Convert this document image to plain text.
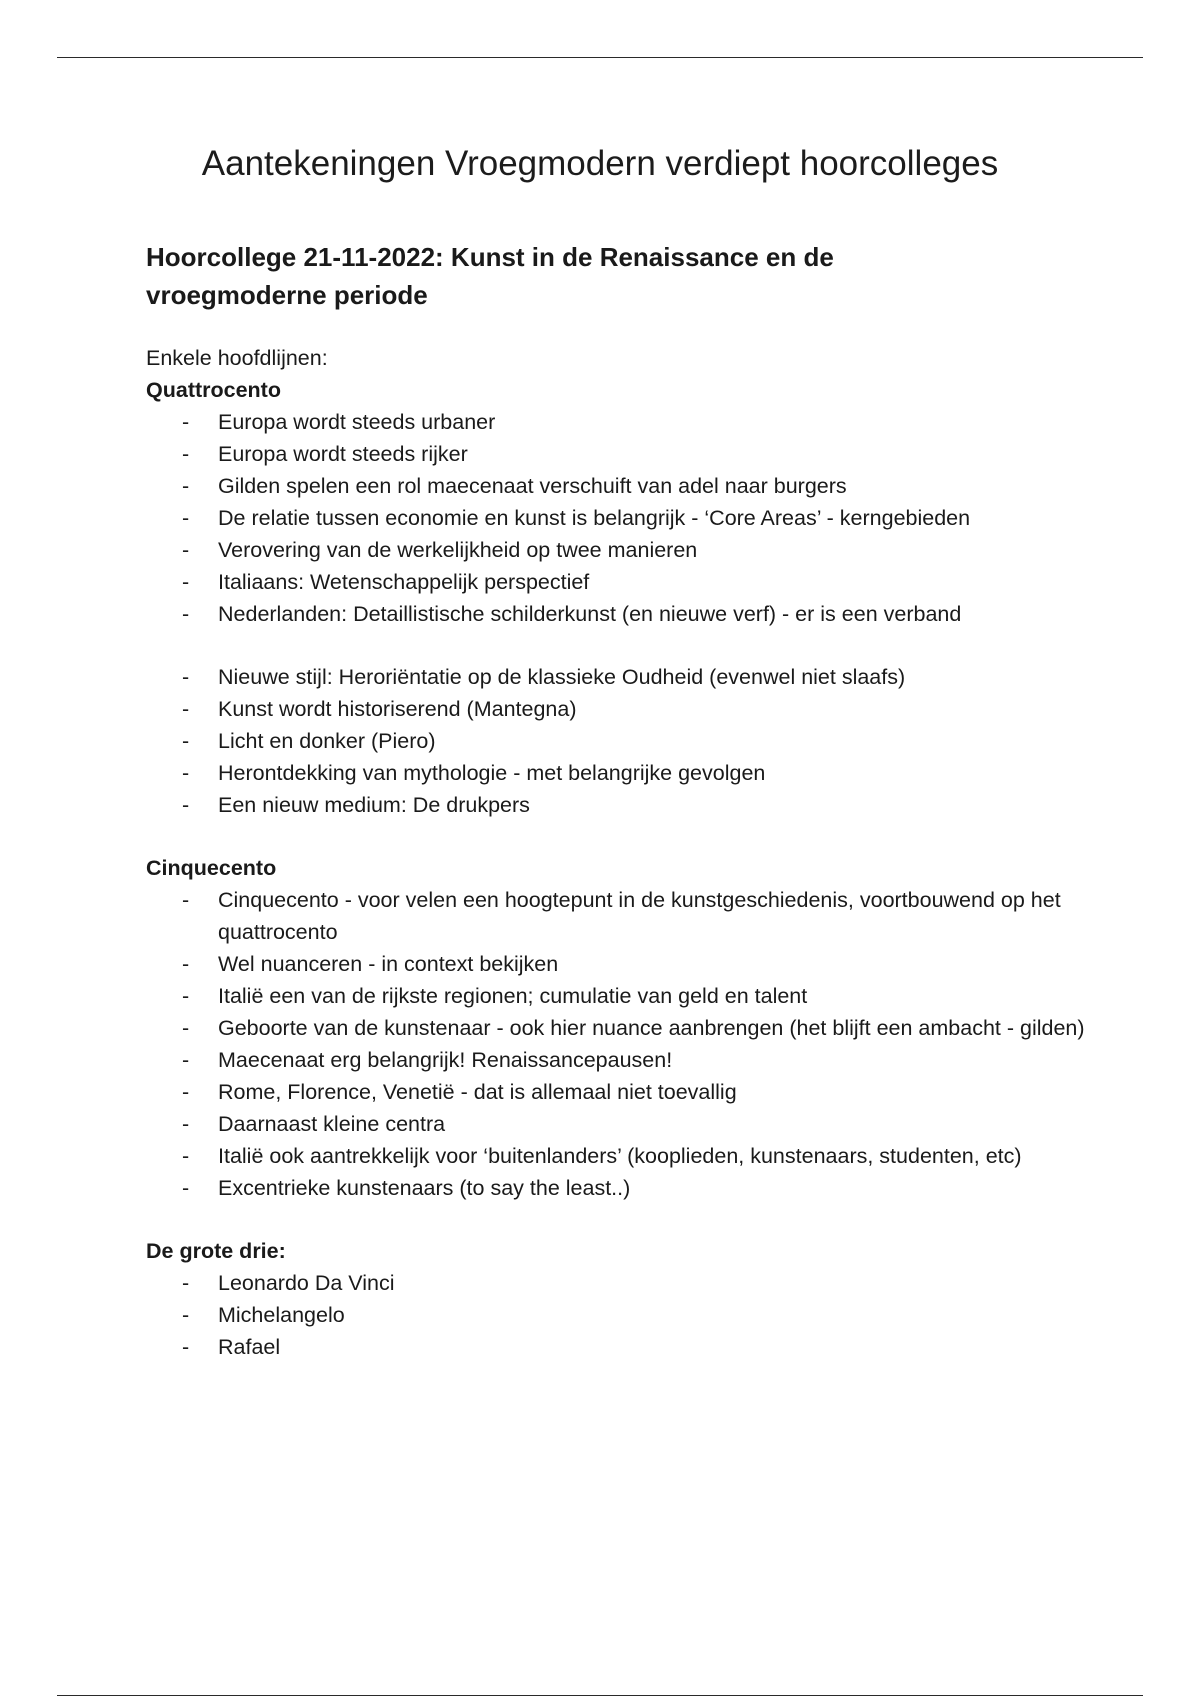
Aantekeningen Vroegmodern verdiept hoorcolleges
Hoorcollege 21-11-2022: Kunst in de Renaissance en de vroegmoderne periode

Enkele hoofdlijnen:

Quattrocento

- Europa wordt steeds urbaner
- Europa wordt steeds rijker
- Gilden spelen een rol maecenaat verschuift van adel naar burgers
- De relatie tussen economie en kunst is belangrijk - ‘Core Areas’ - kerngebieden
- Verovering van de werkelijkheid op twee manieren
- Italiaans: Wetenschappelijk perspectief
- Nederlanden: Detaillistische schilderkunst (en nieuwe verf) - er is een verband
- Nieuwe stijl: Heroriëntatie op de klassieke Oudheid (evenwel niet slaafs)
- Kunst wordt historiserend (Mantegna)
- Licht en donker (Piero)
- Herontdekking van mythologie - met belangrijke gevolgen
- Een nieuw medium: De drukpers

Cinquecento

- Cinquecento - voor velen een hoogtepunt in de kunstgeschiedenis, voortbouwend op het quattrocento
- Wel nuanceren - in context bekijken
- Italië een van de rijkste regionen; cumulatie van geld en talent
- Geboorte van de kunstenaar - ook hier nuance aanbrengen (het blijft een ambacht - gilden)
- Maecenaat erg belangrijk! Renaissancepausen!
- Rome, Florence, Venetië - dat is allemaal niet toevallig
- Daarnaast kleine centra
- Italië ook aantrekkelijk voor ‘buitenlanders’ (kooplieden, kunstenaars, studenten, etc)
- Excentrieke kunstenaars (to say the least..)

De grote drie:

- Leonardo Da Vinci
- Michelangelo
- Rafael
